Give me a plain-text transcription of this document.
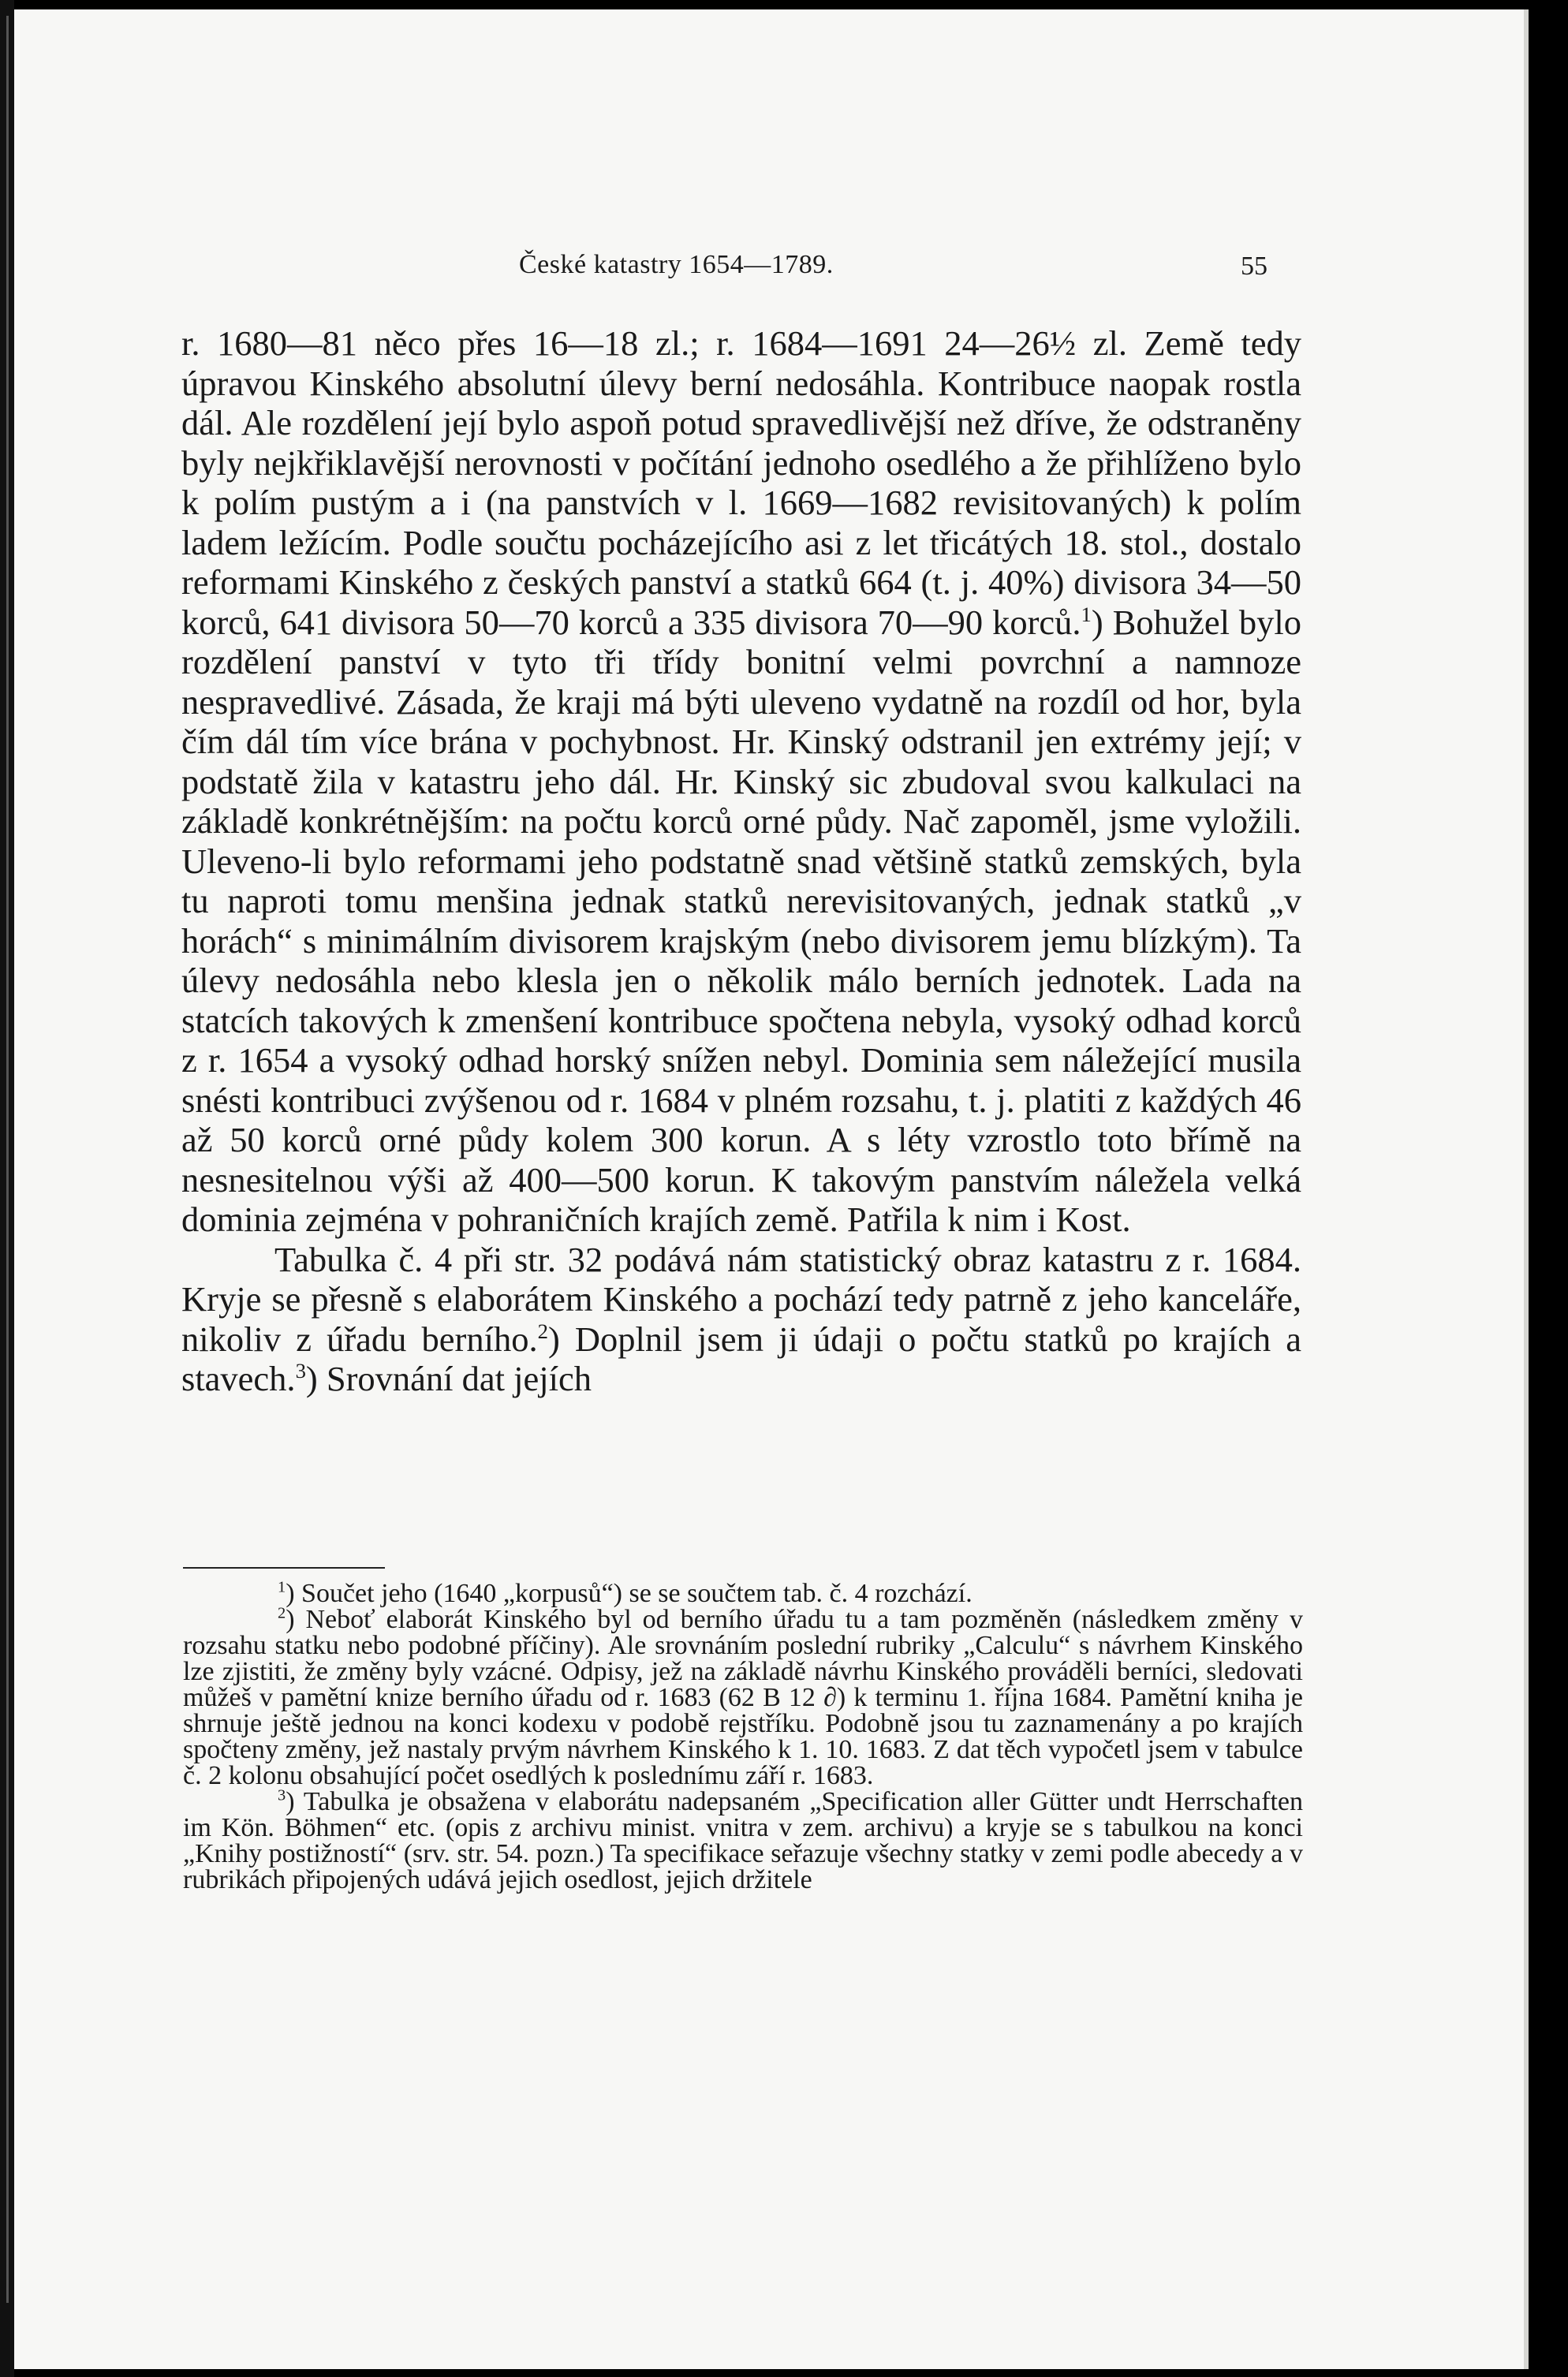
České katastry 1654—1789.	55

r. 1680—81 něco přes 16—18 zl.; r. 1684—1691 24—26½ zl. Země tedy úpravou Kinského absolutní úlevy berní nedosáhla. Kontribuce naopak rostla dál. Ale rozdělení její bylo aspoň potud spravedlivější než dříve, že odstraněny byly nejkřiklavější nerovnosti v počítání jednoho osedlého a že přihlíženo bylo k polím pustým a i (na panstvích v l. 1669—1682 revisitovaných) k polím ladem ležícím. Podle součtu pocházejícího asi z let třicátých 18. stol., dostalo reformami Kinského z českých panství a statků 664 (t. j. 40%) divisora 34—50 korců, 641 divisora 50—70 korců a 335 divisora 70—90 korců.$^1$) Bohužel bylo rozdělení panství v tyto tři třídy bonitní velmi povrchní a namnoze nespravedlivé. Zásada, že kraji má býti uleveno vydatně na rozdíl od hor, byla čím dál tím více brána v pochybnost. Hr. Kinský odstranil jen extrémy její; v podstatě žila v katastru jeho dál. Hr. Kinský sic zbudoval svou kalkulaci na základě konkrétnějším: na počtu korců orné půdy. Nač zapoměl, jsme vyložili. Uleveno-li bylo reformami jeho podstatně snad většině statků zemských, byla tu naproti tomu menšina jednak statků nerevisitovaných, jednak statků „v horách“ s minimálním divisorem krajským (nebo divisorem jemu blízkým). Ta úlevy nedosáhla nebo klesla jen o několik málo berních jednotek. Lada na statcích takových k zmenšení kontribuce spočtena nebyla, vysoký odhad korců z r. 1654 a vysoký odhad horský snížen nebyl. Dominia sem náležející musila snésti kontribuci zvýšenou od r. 1684 v plném rozsahu, t. j. platiti z každých 46 až 50 korců orné půdy kolem 300 korun. A s léty vzrostlo toto břímě na nesnesitelnou výši až 400—500 korun. K takovým panstvím náležela velká dominia zejména v pohraničních krajích země. Patřila k nim i Kost.

Tabulka č. 4 při str. 32 podává nám statistický obraz katastru z r. 1684. Kryje se přesně s elaborátem Kinského a pochází tedy patrně z jeho kanceláře, nikoliv z úřadu berního.$^2$) Doplnil jsem ji údaji o počtu statků po krajích a stavech.$^3$) Srovnání dat jejích

$^1$) Součet jeho (1640 „korpusů“) se se součtem tab. č. 4 rozchází.

$^2$) Neboť elaborát Kinského byl od berního úřadu tu a tam pozměněn (následkem změny v rozsahu statku nebo podobné příčiny). Ale srovnáním poslední rubriky „Calculu“ s návrhem Kinského lze zjistiti, že změny byly vzácné. Odpisy, jež na základě návrhu Kinského prováděli berníci, sledovati můžeš v pamětní knize berního úřadu od r. 1683 (62 B 12 ∂) k terminu 1. října 1684. Pamětní kniha je shrnuje ještě jednou na konci kodexu v podobě rejstříku. Podobně jsou tu zaznamenány a po krajích spočteny změny, jež nastaly prvým návrhem Kinského k 1. 10. 1683. Z dat těch vypočetl jsem v tabulce č. 2 kolonu obsahující počet osedlých k poslednímu září r. 1683.

$^3$) Tabulka je obsažena v elaborátu nadepsaném „Specification aller Gütter undt Herrschaften im Kön. Böhmen“ etc. (opis z archivu minist. vnitra v zem. archivu) a kryje se s tabulkou na konci „Knihy postižností“ (srv. str. 54. pozn.) Ta specifikace seřazuje všechny statky v zemi podle abecedy a v rubrikách připojených udává jejich osedlost, jejich držitele
